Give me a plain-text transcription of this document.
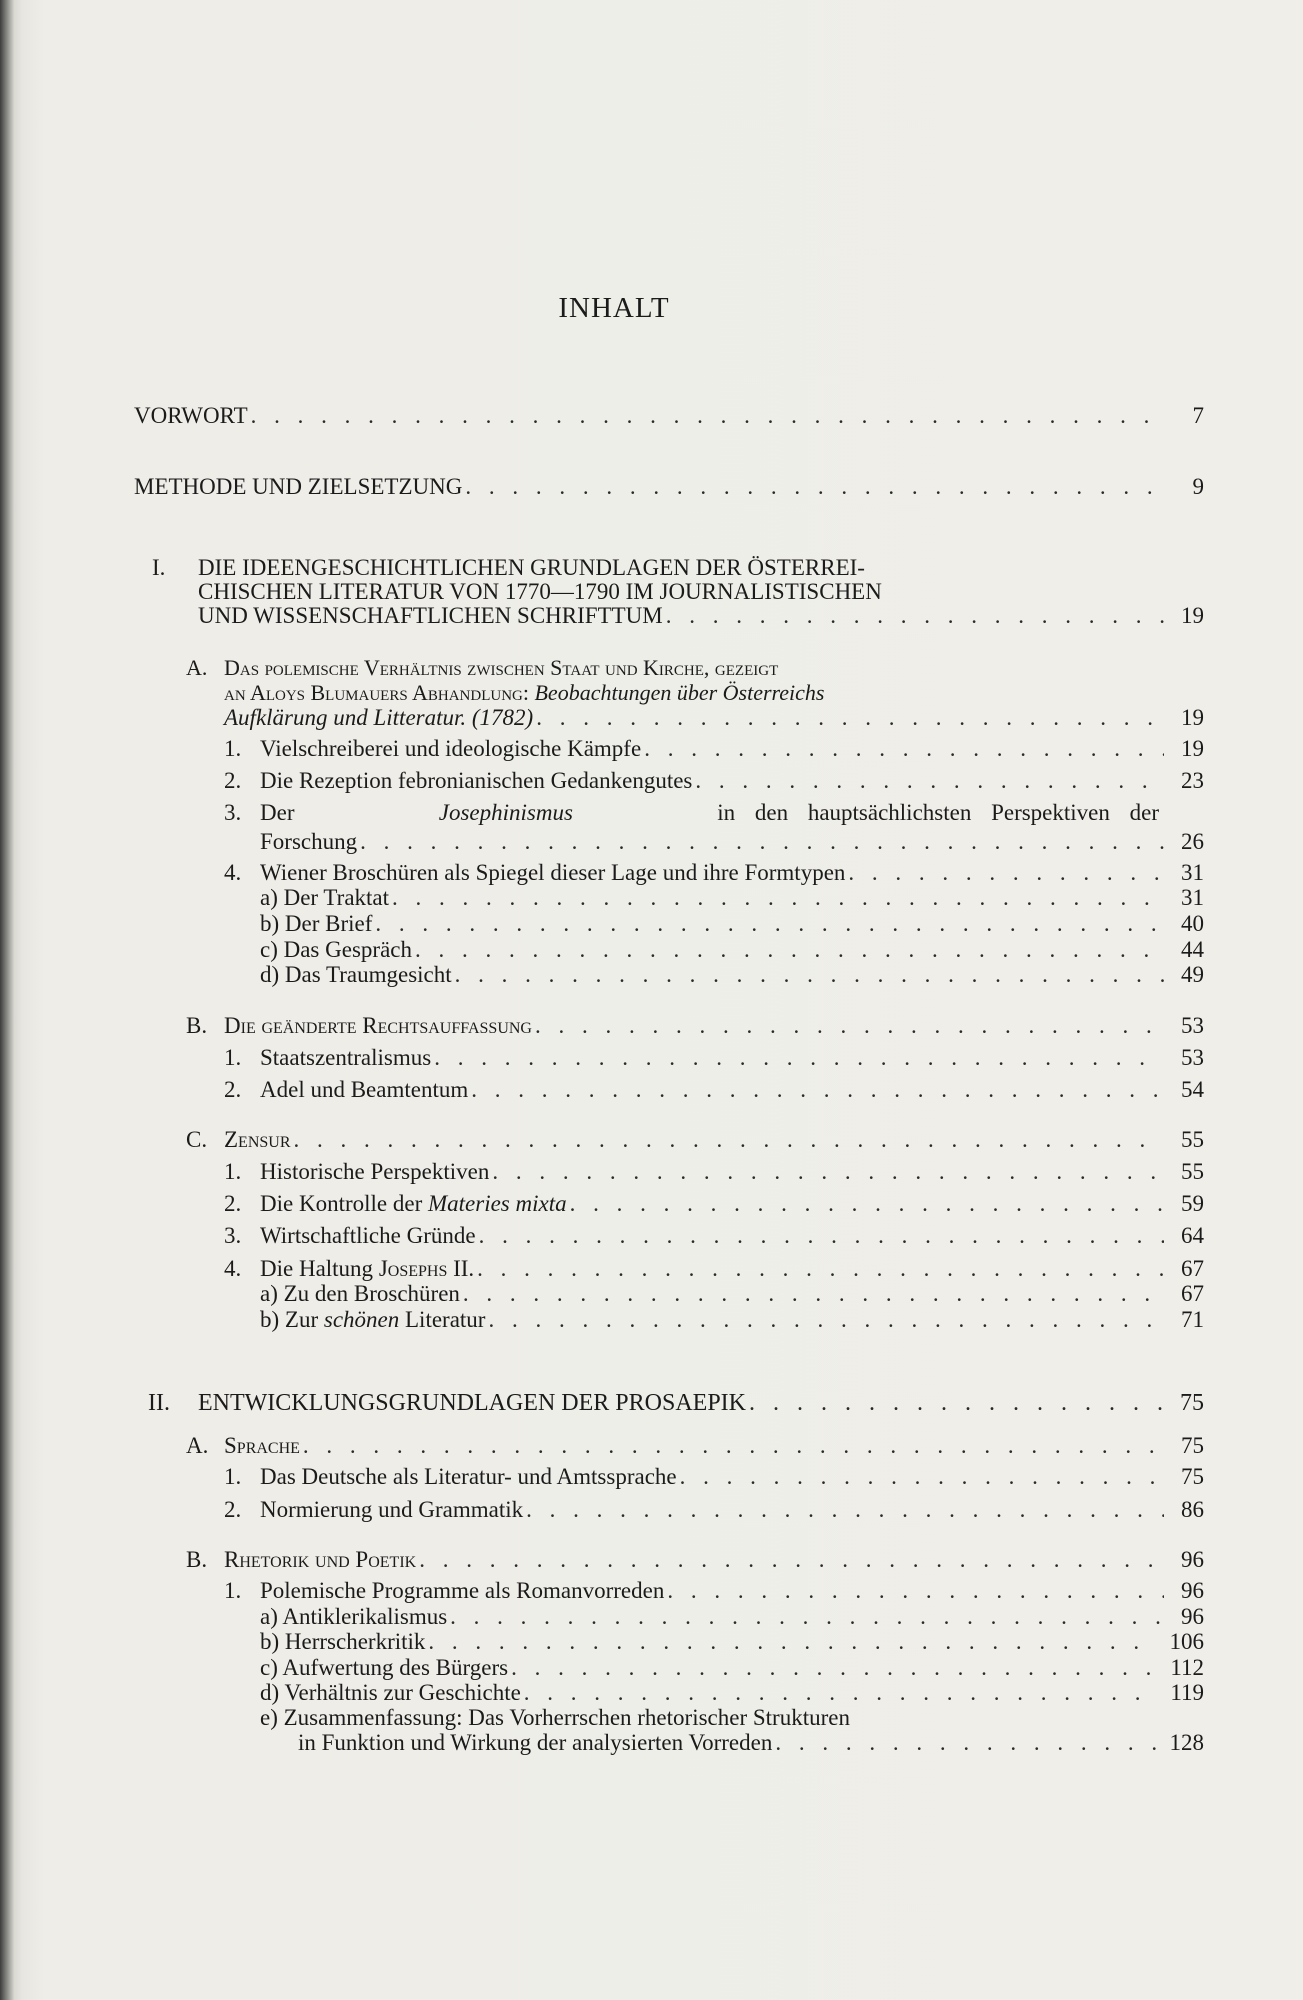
INHALT
VORWORT . . .	7
METHODE UND ZIELSETZUNG . . .	9
I. DIE IDEENGESCHICHTLICHEN GRUNDLAGEN DER ÖSTERREI-
CHISCHEN LITERATUR VON 1770—1790 IM JOURNALISTISCHEN
UND WISSENSCHAFTLICHEN SCHRIFTTUM . . .	19
A. Das polemische Verhältnis zwischen Staat und Kirche, gezeigt
an Aloys Blumauers Abhandlung: Beobachtungen über Österreichs
Aufklärung und Litteratur. (1782) . . .	19
1. Vielschreiberei und ideologische Kämpfe . . .	19
2. Die Rezeption febronianischen Gedankengutes . . .	23
3. Der	Josephinismus	in den hauptsächlichsten Perspektiven der
Forschung . . .	26
4. Wiener Broschüren als Spiegel dieser Lage und ihre Formtypen . . .	31
a) Der Traktat . . .	31
b) Der Brief . . .	40
c) Das Gespräch . . .	44
d) Das Traumgesicht . . .	49
B. Die geänderte Rechtsauffassung . . .	53
1. Staatszentralismus . . .	53
2. Adel und Beamtentum . . .	54
C. Zensur . . .	55
1. Historische Perspektiven . . .	55
2. Die Kontrolle der Materies mixta . . .	59
3. Wirtschaftliche Gründe . . .	64
4. Die Haltung Josephs II. . . .	67
a) Zu den Broschüren . . .	67
b) Zur schönen Literatur . . .	71
II. ENTWICKLUNGSGRUNDLAGEN DER PROSAEPIK . . .	75
A. Sprache . . .	75
1. Das Deutsche als Literatur- und Amtssprache . . .	75
2. Normierung und Grammatik . . .	86
B. Rhetorik und Poetik . . .	96
1. Polemische Programme als Romanvorreden . . .	96
a) Antiklerikalismus . . .	96
b) Herrscherkritik . . .	106
c) Aufwertung des Bürgers . . .	112
d) Verhältnis zur Geschichte . . .	119
e) Zusammenfassung: Das Vorherrschen rhetorischer Strukturen
in Funktion und Wirkung der analysierten Vorreden . . .	128
